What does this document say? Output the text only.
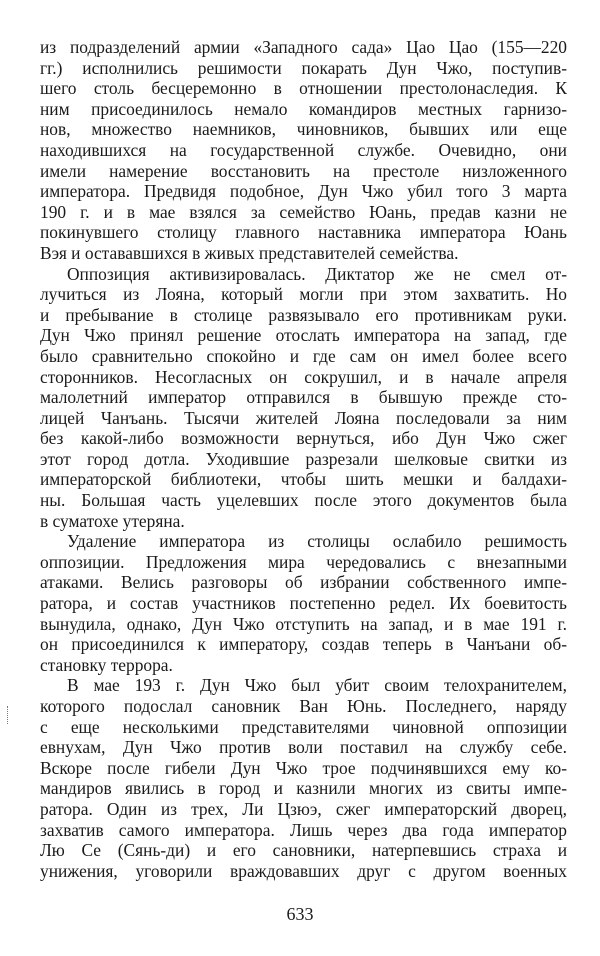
из подразделений армии «Западного сада» Цао Цао (155—220
гг.) исполнились решимости покарать Дун Чжо, поступив-
шего столь бесцеремонно в отношении престолонаследия. К
ним присоединилось немало командиров местных гарнизо-
нов, множество наемников, чиновников, бывших или еще
находившихся на государственной службе. Очевидно, они
имели намерение восстановить на престоле низложенного
императора. Предвидя подобное, Дун Чжо убил того 3 марта
190 г. и в мае взялся за семейство Юань, предав казни не
покинувшего столицу главного наставника императора Юань
Вэя и остававшихся в живых представителей семейства.
Оппозиция активизировалась. Диктатор же не смел от-
лучиться из Лояна, который могли при этом захватить. Но
и пребывание в столице развязывало его противникам руки.
Дун Чжо принял решение отослать императора на запад, где
было сравнительно спокойно и где сам он имел более всего
сторонников. Несогласных он сокрушил, и в начале апреля
малолетний император отправился в бывшую прежде сто-
лицей Чанъань. Тысячи жителей Лояна последовали за ним
без какой-либо возможности вернуться, ибо Дун Чжо сжег
этот город дотла. Уходившие разрезали шелковые свитки из
императорской библиотеки, чтобы шить мешки и балдахи-
ны. Большая часть уцелевших после этого документов была
в суматохе утеряна.
Удаление императора из столицы ослабило решимость
оппозиции. Предложения мира чередовались с внезапными
атаками. Велись разговоры об избрании собственного импе-
ратора, и состав участников постепенно редел. Их боевитость
вынудила, однако, Дун Чжо отступить на запад, и в мае 191 г.
он присоединился к императору, создав теперь в Чанъани об-
становку террора.
В мае 193 г. Дун Чжо был убит своим телохранителем,
которого подослал сановник Ван Юнь. Последнего, наряду
с еще несколькими представителями чиновной оппозиции
евнухам, Дун Чжо против воли поставил на службу себе.
Вскоре после гибели Дун Чжо трое подчинявшихся ему ко-
мандиров явились в город и казнили многих из свиты импе-
ратора. Один из трех, Ли Цзюэ, сжег императорский дворец,
захватив самого императора. Лишь через два года император
Лю Се (Сянь-ди) и его сановники, натерпевшись страха и
унижения, уговорили враждовавших друг с другом военных
633
